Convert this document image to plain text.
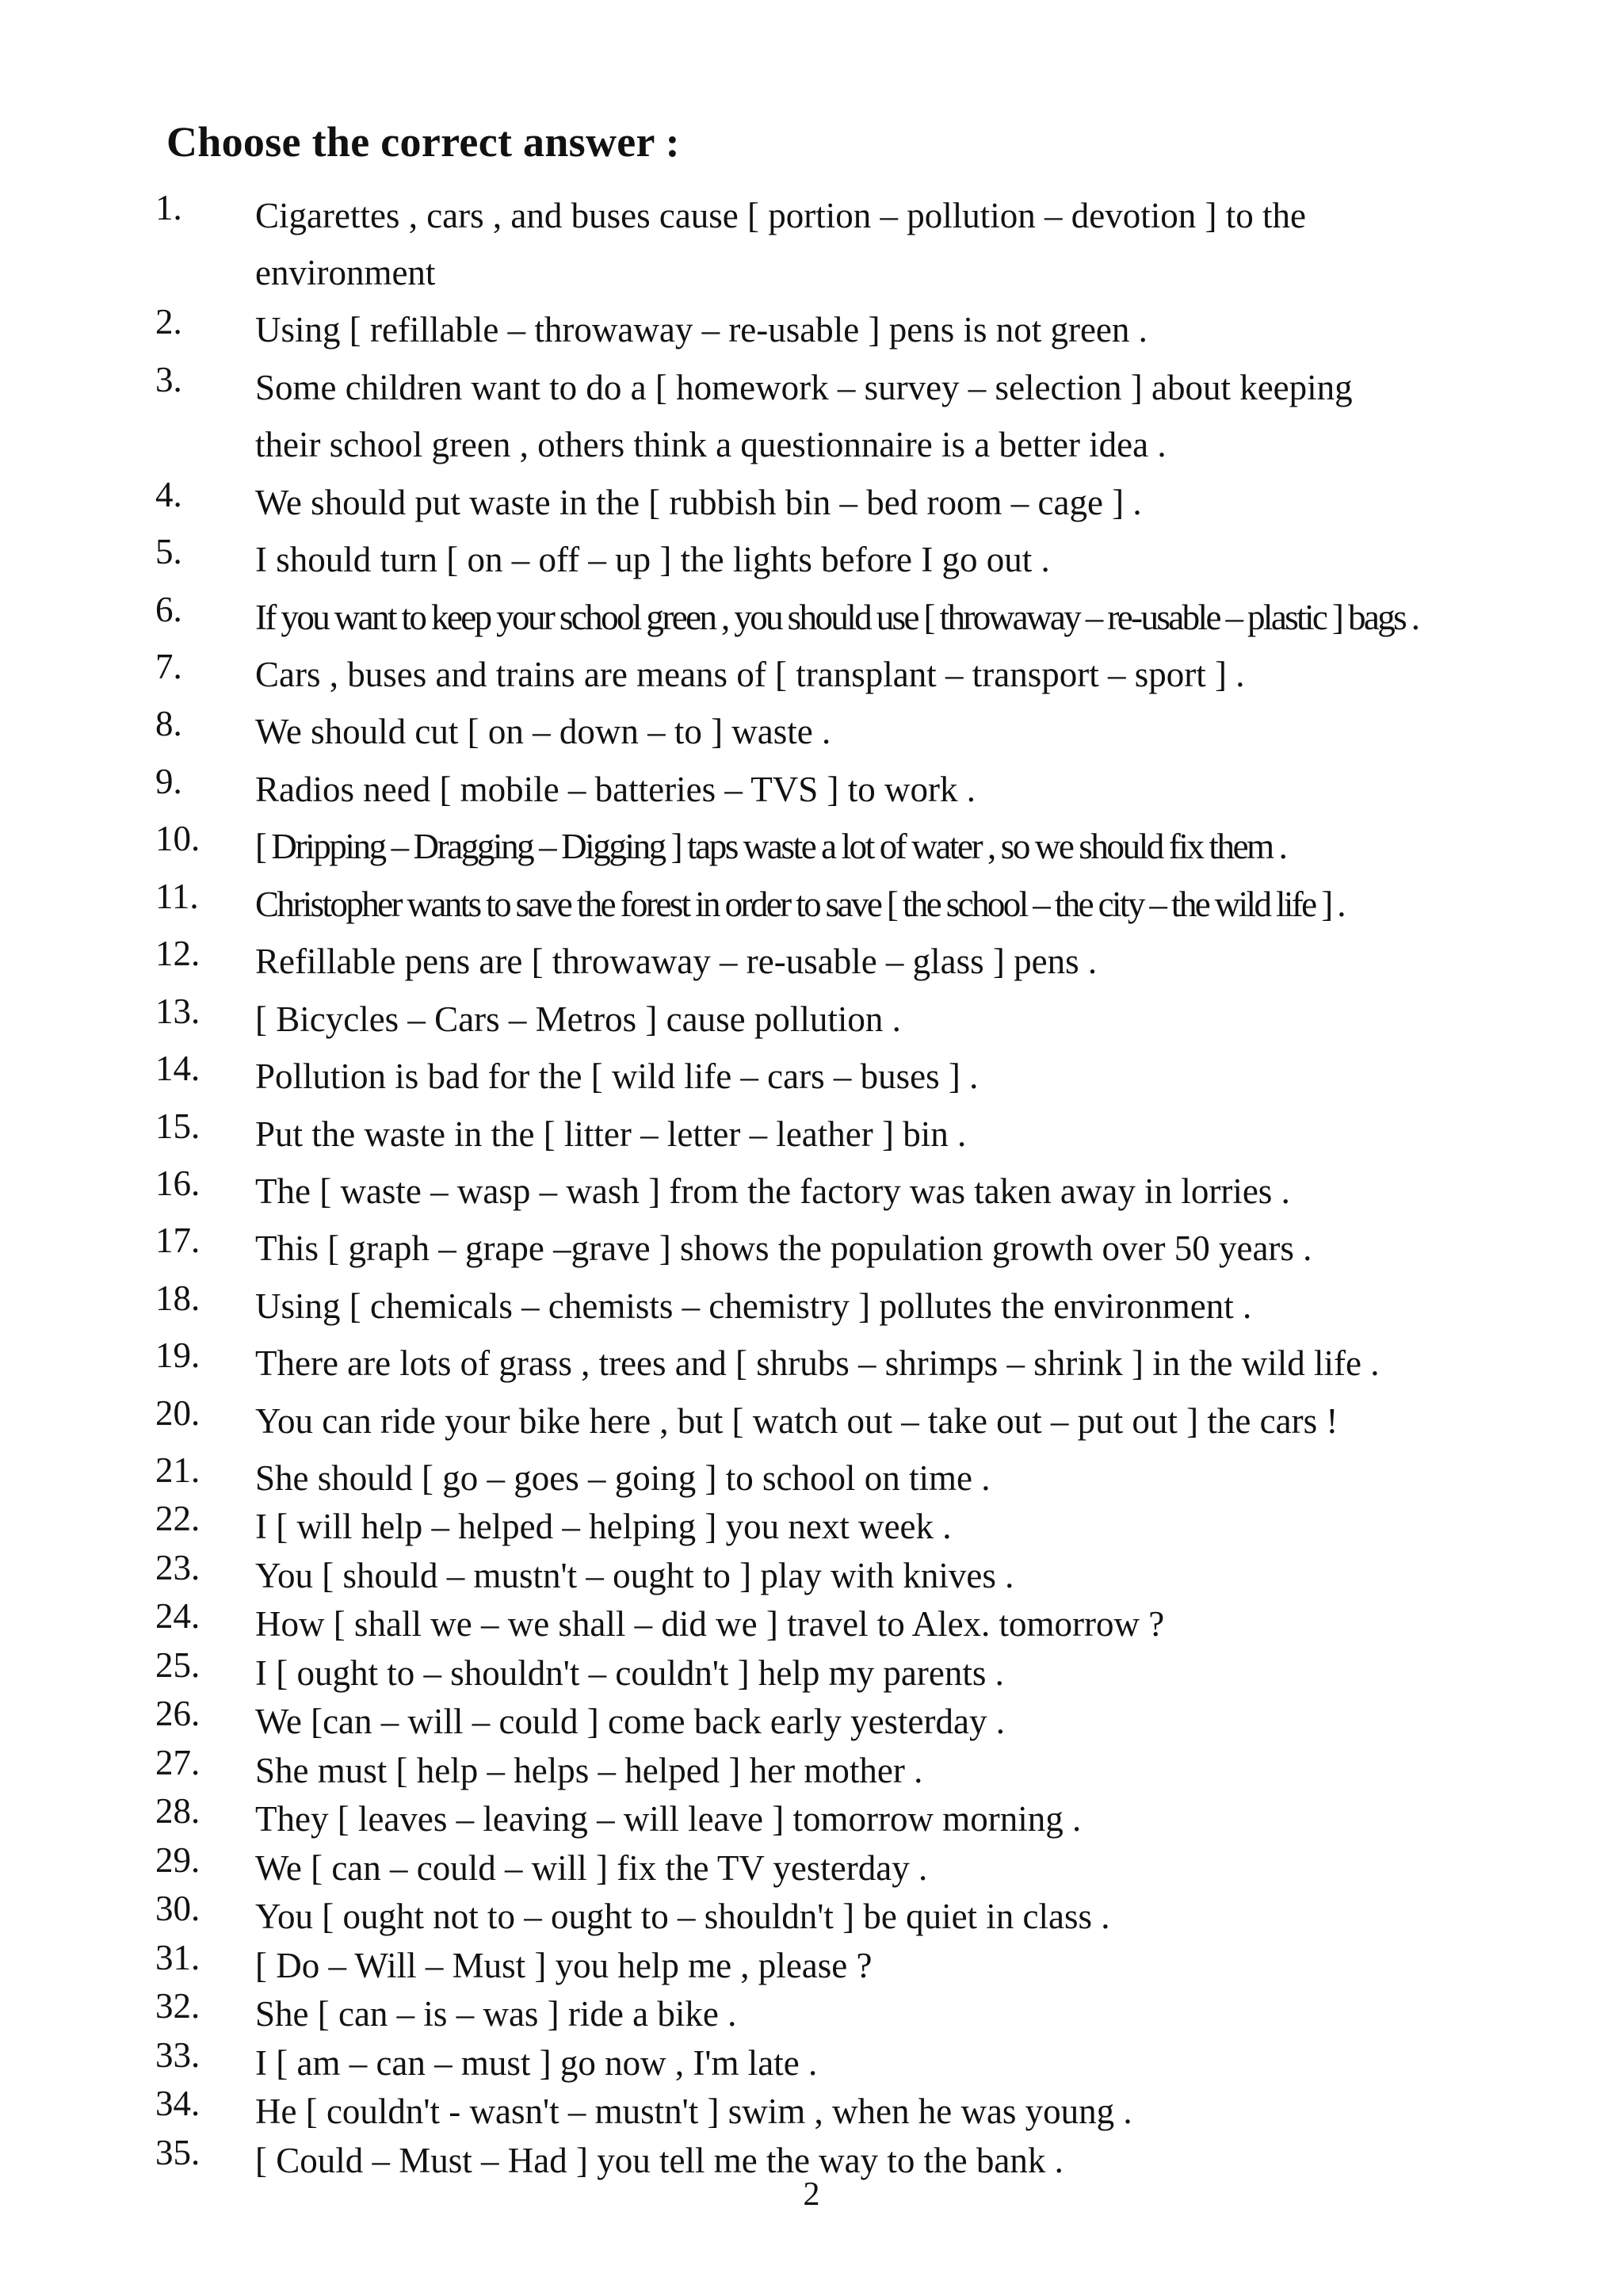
Choose the correct answer :
1. Cigarettes , cars , and buses cause [ portion – pollution – devotion ] to the
environment
2. Using [ refillable – throwaway – re-usable ] pens is not green .
3. Some children want to do a [ homework – survey – selection ] about keeping
their school green , others think a questionnaire is a better idea .
4. We should put waste in the [ rubbish bin – bed room – cage ] .
5. I should turn [ on – off – up ] the lights before I go out .
6. If you want to keep your school green , you should use [ throwaway – re-usable – plastic ] bags .
7. Cars , buses and trains are means of [ transplant – transport – sport ] .
8. We should cut [ on – down – to ] waste .
9. Radios need [ mobile – batteries – TVS ] to work .
10. [ Dripping – Dragging – Digging ] taps waste a lot of water , so we should fix them .
11. Christopher wants to save the forest in order to save [ the school – the city – the wild life ] .
12. Refillable pens are [ throwaway – re-usable – glass ] pens .
13. [ Bicycles – Cars – Metros ] cause pollution .
14. Pollution is bad for the [ wild life – cars – buses ] .
15. Put the waste in the [ litter – letter – leather ] bin .
16. The [ waste – wasp – wash ] from the factory was taken away in lorries .
17. This [ graph – grape –grave ] shows the population growth over 50 years .
18. Using [ chemicals – chemists – chemistry ] pollutes the environment .
19. There are lots of grass , trees and [ shrubs – shrimps – shrink ] in the wild life .
20. You can ride your bike here , but [ watch out – take out – put out ] the cars !
21. She should [ go – goes – going ] to school on time .
22. I [ will help – helped – helping ] you next week .
23. You [ should – mustn't – ought to ] play with knives .
24. How [ shall we – we shall – did we ] travel to Alex. tomorrow ?
25. I [ ought to – shouldn't – couldn't ] help my parents .
26. We [can – will – could ] come back early yesterday .
27. She must [ help – helps – helped ] her mother .
28. They [ leaves – leaving – will leave ] tomorrow morning .
29. We [ can – could – will ] fix the TV yesterday .
30. You [ ought not to – ought to – shouldn't ] be quiet in class .
31. [ Do – Will – Must ] you help me , please ?
32. She [ can – is – was ] ride a bike .
33. I [ am – can – must ] go now , I'm late .
34. He [ couldn't - wasn't – mustn't ] swim , when he was young .
35. [ Could – Must – Had ] you tell me the way to the bank .
2
